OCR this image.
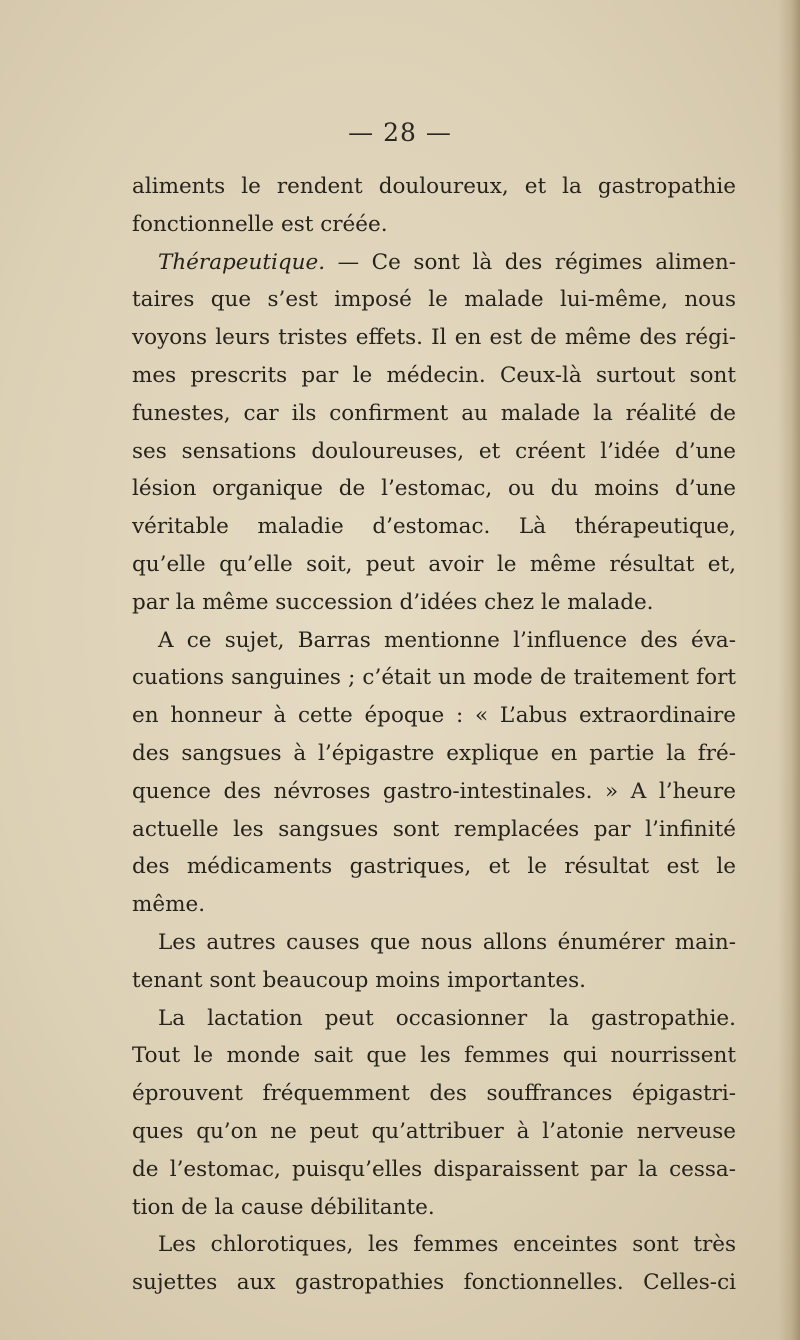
— 28 —
aliments le rendent douloureux, et la gastropathie
fonctionnelle est créée.
Thérapeutique. — Ce sont là des régimes alimen-
taires que s’est imposé le malade lui-même, nous
voyons leurs tristes effets. Il en est de même des régi-
mes prescrits par le médecin. Ceux-là surtout sont
funestes, car ils confirment au malade la réalité de
ses sensations douloureuses, et créent l’idée d’une
lésion organique de l’estomac, ou du moins d’une
véritable maladie d’estomac. Là thérapeutique,
qu’elle qu’elle soit, peut avoir le même résultat et,
par la même succession d’idées chez le malade.
A ce sujet, Barras mentionne l’influence des éva-
cuations sanguines ; c’était un mode de traitement fort
en honneur à cette époque : « L’abus extraordinaire
des sangsues à l’épigastre explique en partie la fré-
quence des névroses gastro-intestinales. » A l’heure
actuelle les sangsues sont remplacées par l’infinité
des médicaments gastriques, et le résultat est le
même.
Les autres causes que nous allons énumérer main-
tenant sont beaucoup moins importantes.
La lactation peut occasionner la gastropathie.
Tout le monde sait que les femmes qui nourrissent
éprouvent fréquemment des souffrances épigastri-
ques qu’on ne peut qu’attribuer à l’atonie nerveuse
de l’estomac, puisqu’elles disparaissent par la cessa-
tion de la cause débilitante.
Les chlorotiques, les femmes enceintes sont très
sujettes aux gastropathies fonctionnelles. Celles-ci
